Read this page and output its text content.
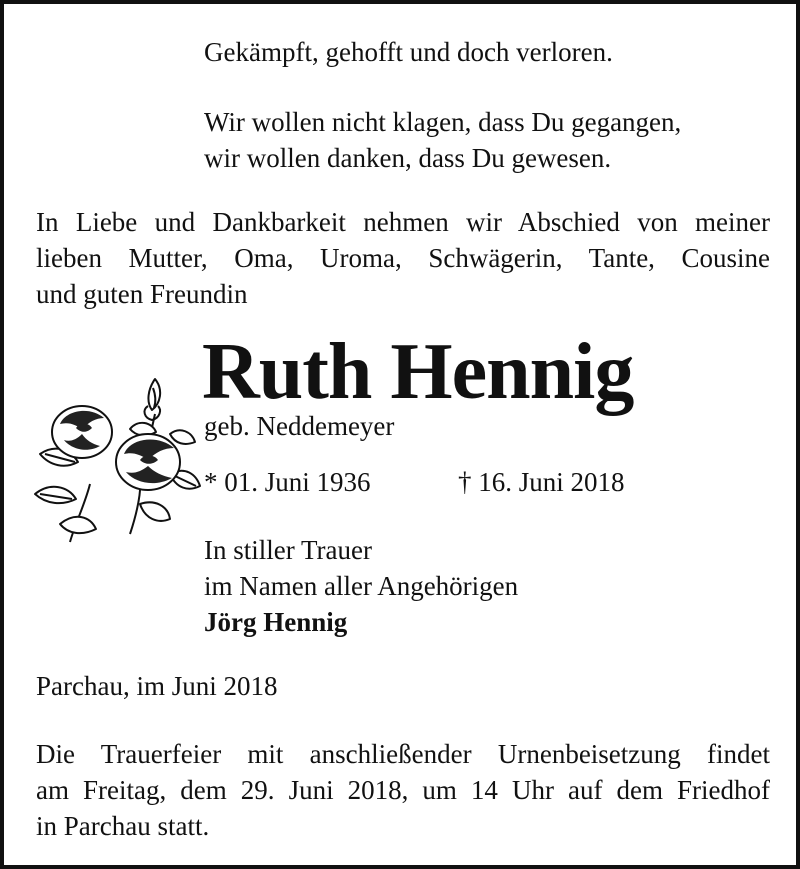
Gekämpft, gehofft und doch verloren.
Wir wollen nicht klagen, dass Du gegangen,
wir wollen danken, dass Du gewesen.
In Liebe und Dankbarkeit nehmen wir Abschied von meiner
lieben Mutter, Oma, Uroma, Schwägerin, Tante, Cousine
und guten Freundin
Ruth Hennig
geb. Neddemeyer
* 01. Juni 1936	† 16. Juni 2018
In stiller Trauer
im Namen aller Angehörigen
Jörg Hennig
Parchau, im Juni 2018
Die Trauerfeier mit anschließender Urnenbeisetzung findet
am Freitag, dem 29. Juni 2018, um 14 Uhr auf dem Friedhof
in Parchau statt.
